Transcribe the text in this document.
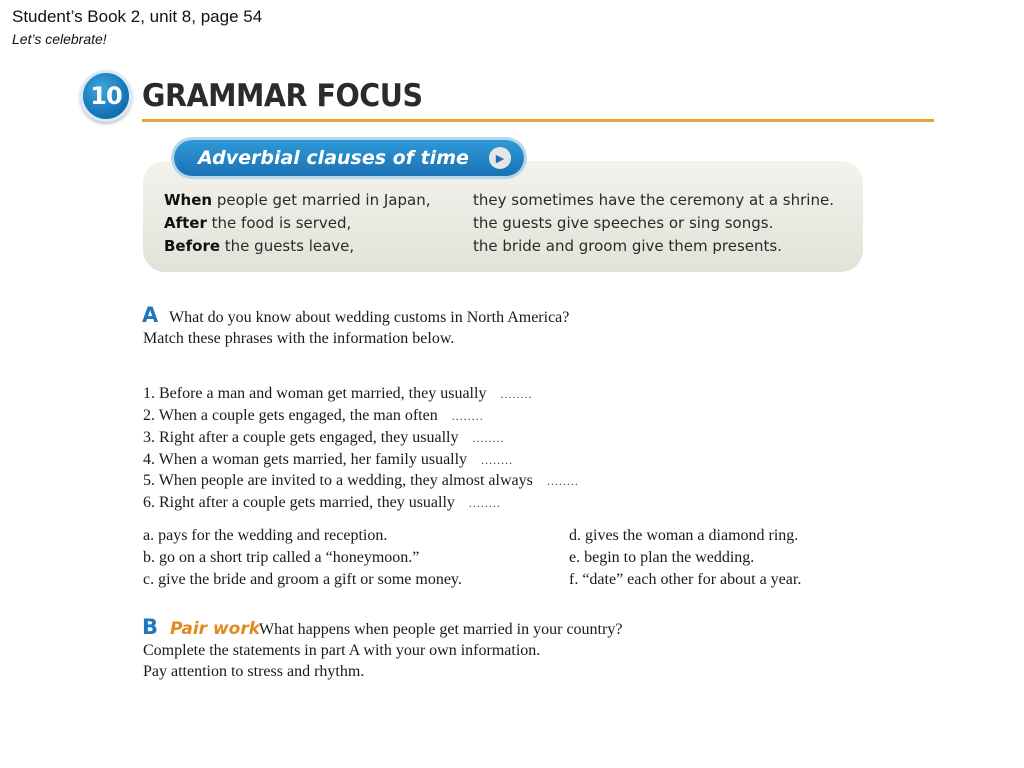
Student’s Book 2, unit 8, page 54
Let’s celebrate!
10 GRAMMAR FOCUS
Adverbial clauses of time	▶
When people get married in Japan,
After the food is served,
Before the guests leave,
they sometimes have the ceremony at a shrine.
the guests give speeches or sing songs.
the bride and groom give them presents.
A What do you know about wedding customs in North America?
Match these phrases with the information below.
1. Before a man and woman get married, they usually ........
2. When a couple gets engaged, the man often ........
3. Right after a couple gets engaged, they usually ........
4. When a woman gets married, her family usually ........
5. When people are invited to a wedding, they almost always ........
6. Right after a couple gets married, they usually ........
a. pays for the wedding and reception.
b. go on a short trip called a “honeymoon.”
c. give the bride and groom a gift or some money.
d. gives the woman a diamond ring.
e. begin to plan the wedding.
f. “date” each other for about a year.
B Pair work
What happens when people get married in your country?
Complete the statements in part A with your own information.
Pay attention to stress and rhythm.
